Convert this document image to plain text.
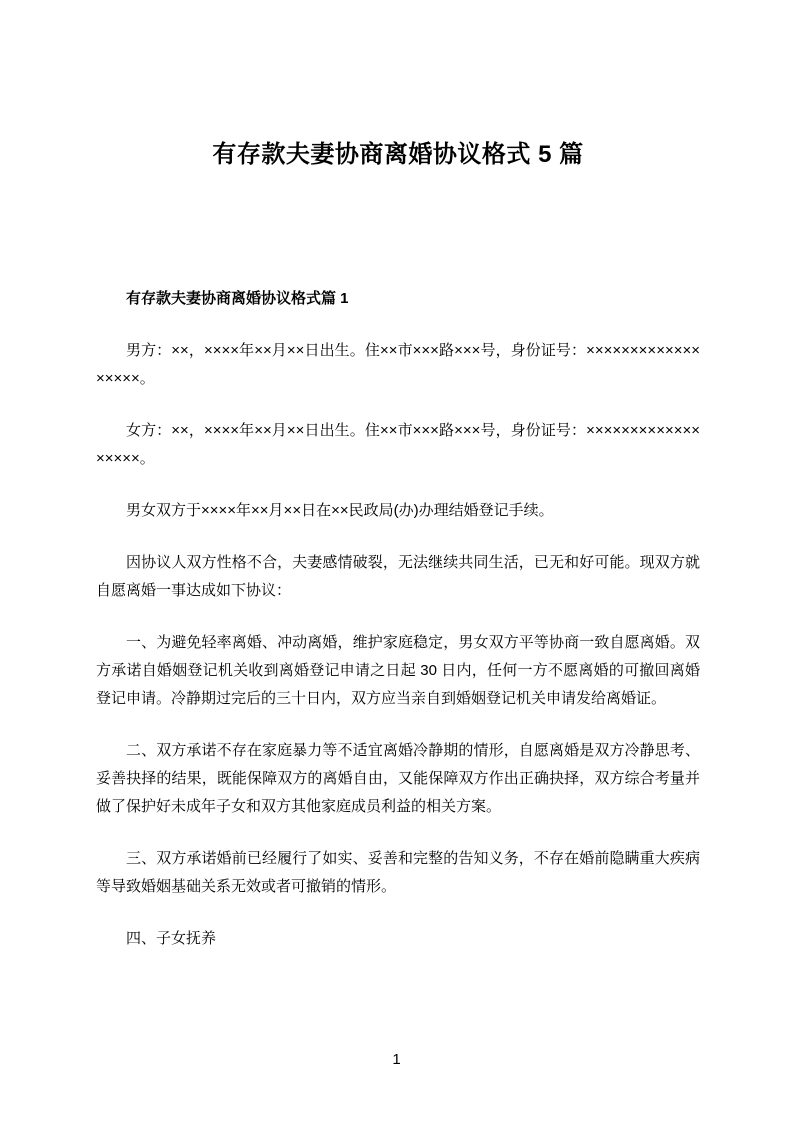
有存款夫妻协商离婚协议格式 5 篇
有存款夫妻协商离婚协议格式篇 1

男方：××，××××年××月××日出生。住××市×××路×××号，身份证号：××××××××××××××××××。

女方：××，××××年××月××日出生。住××市×××路×××号，身份证号：××××××××××××××××××。

男女双方于××××年××月××日在××民政局(办)办理结婚登记手续。

因协议人双方性格不合，夫妻感情破裂，无法继续共同生活，已无和好可能。现双方就自愿离婚一事达成如下协议：

一、为避免轻率离婚、冲动离婚，维护家庭稳定，男女双方平等协商一致自愿离婚。双方承诺自婚姻登记机关收到离婚登记申请之日起 30 日内，任何一方不愿离婚的可撤回离婚登记申请。冷静期过完后的三十日内，双方应当亲自到婚姻登记机关申请发给离婚证。

二、双方承诺不存在家庭暴力等不适宜离婚冷静期的情形，自愿离婚是双方冷静思考、妥善抉择的结果，既能保障双方的离婚自由，又能保障双方作出正确抉择，双方综合考量并做了保护好未成年子女和双方其他家庭成员利益的相关方案。

三、双方承诺婚前已经履行了如实、妥善和完整的告知义务，不存在婚前隐瞒重大疾病等导致婚姻基础关系无效或者可撤销的情形。

四、子女抚养

1
